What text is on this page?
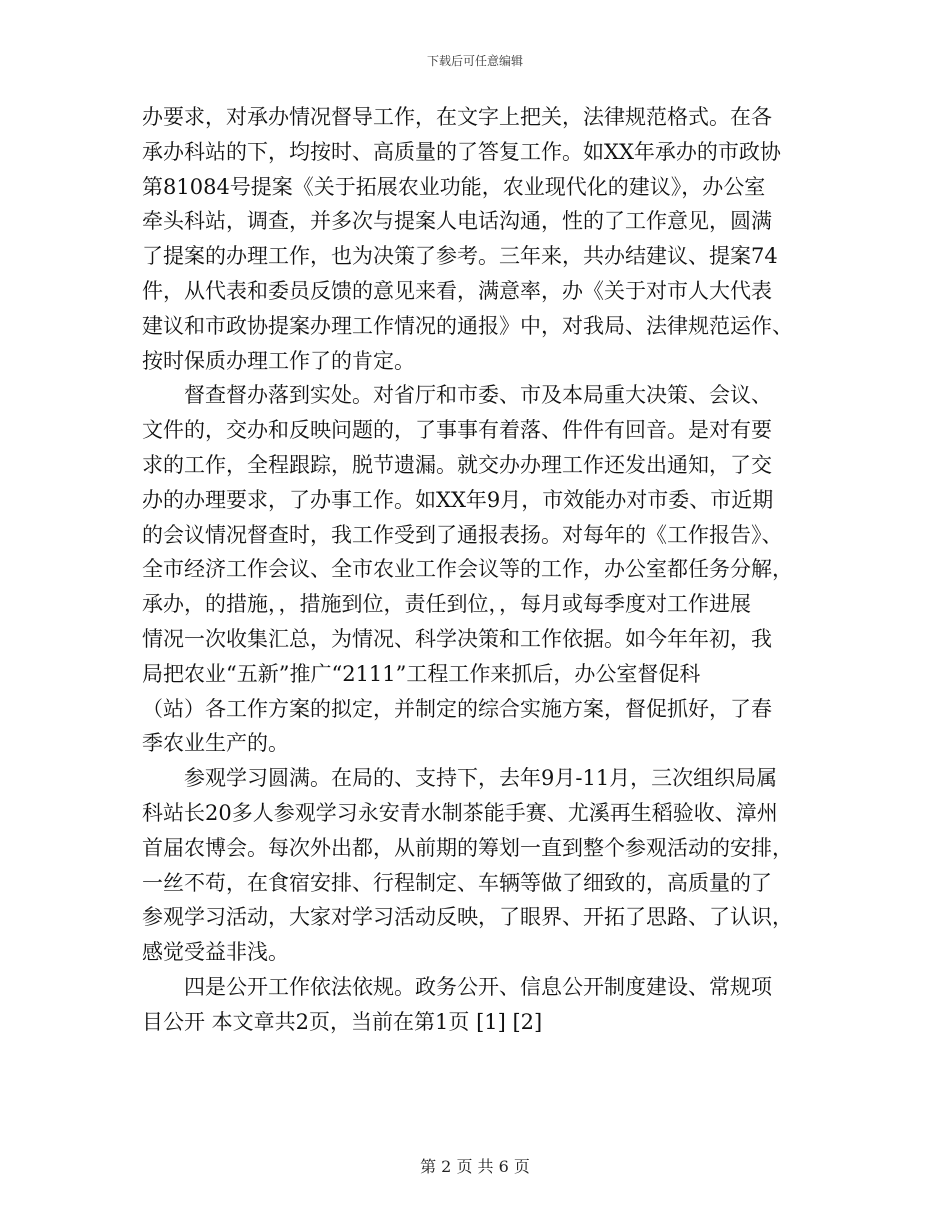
下载后可任意编辑
办要求，对承办情况督导工作，在文字上把关，法律规范格式。在各
承办科站的下，均按时、高质量的了答复工作。如XX年承办的市政协
第81084号提案《关于拓展农业功能，农业现代化的建议》，办公室
牵头科站，调查，并多次与提案人电话沟通，性的了工作意见，圆满
了提案的办理工作，也为决策了参考。三年来，共办结建议、提案74
件，从代表和委员反馈的意见来看，满意率，办《关于对市人大代表
建议和市政协提案办理工作情况的通报》中，对我局、法律规范运作、
按时保质办理工作了的肯定。
　　督查督办落到实处。对省厅和市委、市及本局重大决策、会议、
文件的，交办和反映问题的，了事事有着落、件件有回音。是对有要
求的工作，全程跟踪，脱节遗漏。就交办办理工作还发出通知，了交
办的办理要求，了办事工作。如XX年9月，市效能办对市委、市近期
的会议情况督查时，我工作受到了通报表扬。对每年的《工作报告》、
全市经济工作会议、全市农业工作会议等的工作，办公室都任务分解，
承办，的措施，，措施到位，责任到位，，每月或每季度对工作进展
情况一次收集汇总，为情况、科学决策和工作依据。如今年年初，我
局把农业“五新”推广“2111”工程工作来抓后，办公室督促科
（站）各工作方案的拟定，并制定的综合实施方案，督促抓好，了春
季农业生产的。
　　参观学习圆满。在局的、支持下，去年9月-11月，三次组织局属
科站长20多人参观学习永安青水制茶能手赛、尤溪再生稻验收、漳州
首届农博会。每次外出都，从前期的筹划一直到整个参观活动的安排，
一丝不苟，在食宿安排、行程制定、车辆等做了细致的，高质量的了
参观学习活动，大家对学习活动反映，了眼界、开拓了思路、了认识，
感觉受益非浅。
　　四是公开工作依法依规。政务公开、信息公开制度建设、常规项
目公开 本文章共2页，当前在第1页 [1] [2]
第 2 页 共 6 页
